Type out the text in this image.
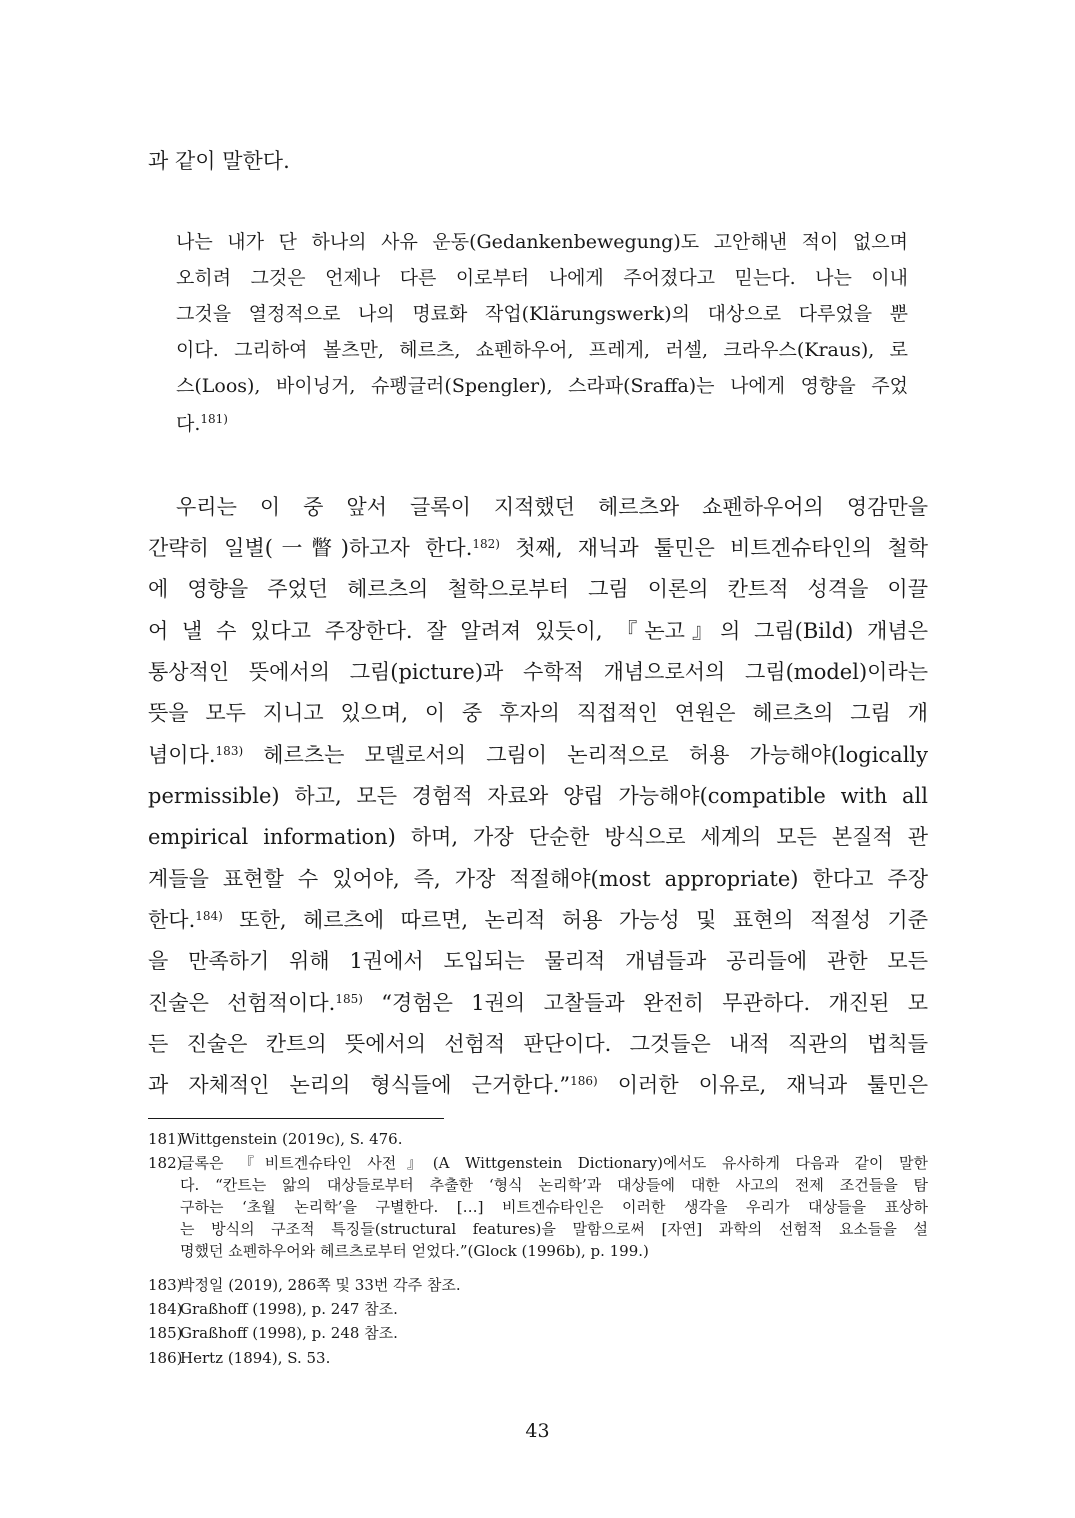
과 같이 말한다.

나는 내가 단 하나의 사유 운동(Gedankenbewegung)도 고안해낸 적이 없으며

오히려 그것은 언제나 다른 이로부터 나에게 주어졌다고 믿는다. 나는 이내

그것을 열정적으로 나의 명료화 작업(Klärungswerk)의 대상으로 다루었을 뿐

이다. 그리하여 볼츠만, 헤르츠, 쇼펜하우어, 프레게, 러셀, 크라우스(Kraus), 로

스(Loos), 바이닝거, 슈펭글러(Spengler), 스라파(Sraffa)는 나에게 영향을 주었

다.$^{181)}$

우리는 이 중 앞서 글록이 지적했던 헤르츠와 쇼펜하우어의 영감만을

간략히 일별(一瞥)하고자 한다.$^{182)}$ 첫째, 재닉과 툴민은 비트겐슈타인의 철학

에 영향을 주었던 헤르츠의 철학으로부터 그림 이론의 칸트적 성격을 이끌

어 낼 수 있다고 주장한다. 잘 알려져 있듯이, 『논고』의 그림(Bild) 개념은

통상적인 뜻에서의 그림(picture)과 수학적 개념으로서의 그림(model)이라는

뜻을 모두 지니고 있으며, 이 중 후자의 직접적인 연원은 헤르츠의 그림 개

념이다.$^{183)}$ 헤르츠는 모델로서의 그림이 논리적으로 허용 가능해야(logically

permissible) 하고, 모든 경험적 자료와 양립 가능해야(compatible with all

empirical information) 하며, 가장 단순한 방식으로 세계의 모든 본질적 관

계들을 표현할 수 있어야, 즉, 가장 적절해야(most appropriate) 한다고 주장

한다.$^{184)}$ 또한, 헤르츠에 따르면, 논리적 허용 가능성 및 표현의 적절성 기준

을 만족하기 위해 1권에서 도입되는 물리적 개념들과 공리들에 관한 모든

진술은 선험적이다.$^{185)}$ “경험은 1권의 고찰들과 완전히 무관하다. 개진된 모

든 진술은 칸트의 뜻에서의 선험적 판단이다. 그것들은 내적 직관의 법칙들

과 자체적인 논리의 형식들에 근거한다.”$^{186)}$ 이러한 이유로, 재닉과 툴민은

181)
Wittgenstein (2019c), S. 476.
182)
글록은 『비트겐슈타인 사전』(A Wittgenstein Dictionary)에서도 유사하게 다음과 같이 말한
다. “칸트는 앎의 대상들로부터 추출한 ‘형식 논리학’과 대상들에 대한 사고의 전제 조건들을 탐
구하는 ‘초월 논리학’을 구별한다. […] 비트겐슈타인은 이러한 생각을 우리가 대상들을 표상하
는 방식의 구조적 특징들(structural features)을 말함으로써 [자연] 과학의 선험적 요소들을 설
명했던 쇼펜하우어와 헤르츠로부터 얻었다.”(Glock (1996b), p. 199.)
183)
박정일 (2019), 286쪽 및 33번 각주 참조.
184)
Graßhoff (1998), p. 247 참조.
185)
Graßhoff (1998), p. 248 참조.
186)
Hertz (1894), S. 53.
43
